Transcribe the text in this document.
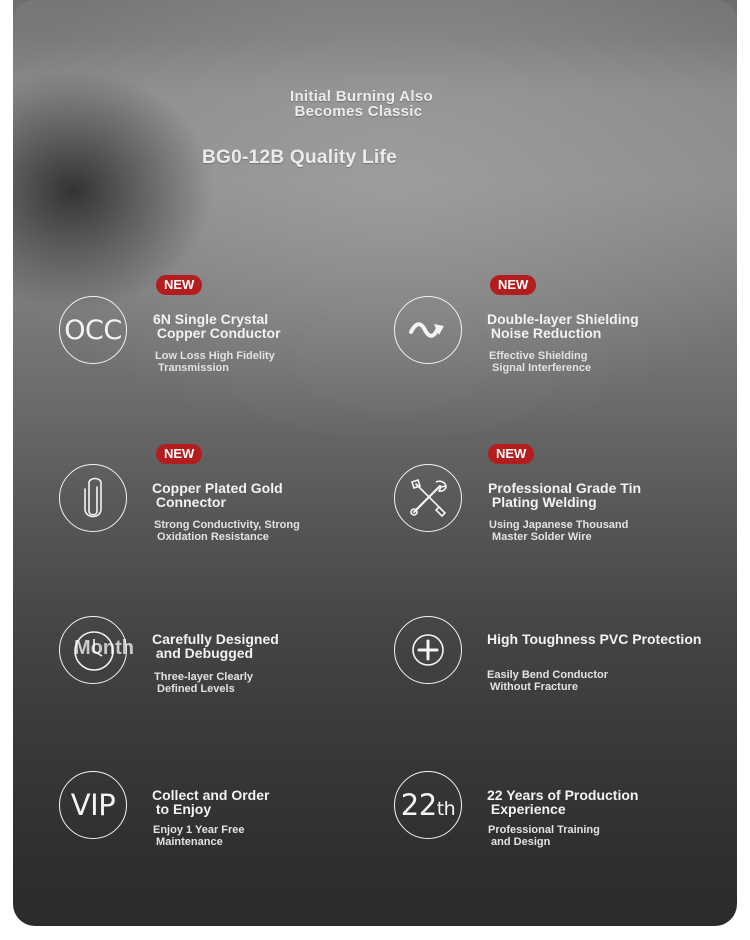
Initial Burning Also
Becomes Classic
BG0-12B Quality Life
NEW
OCC 6N Single Crystal
Copper Conductor
Low Loss High Fidelity
Transmission
NEW
Double-layer Shielding
Noise Reduction
Effective Shielding
Signal Interference
NEW
Copper Plated Gold
Connector
Strong Conductivity, Strong
Oxidation Resistance
NEW
Professional Grade Tin
Plating Welding
Using Japanese Thousand
Master Solder Wire
Month Carefully Designed
and Debugged
Three-layer Clearly
Defined Levels
High Toughness PVC Protection
Easily Bend Conductor
Without Fracture
VIP	Collect and Order
to Enjoy
Enjoy 1 Year Free
Maintenance
22 th
22 Years of Production
Experience
Professional Training
and Design
